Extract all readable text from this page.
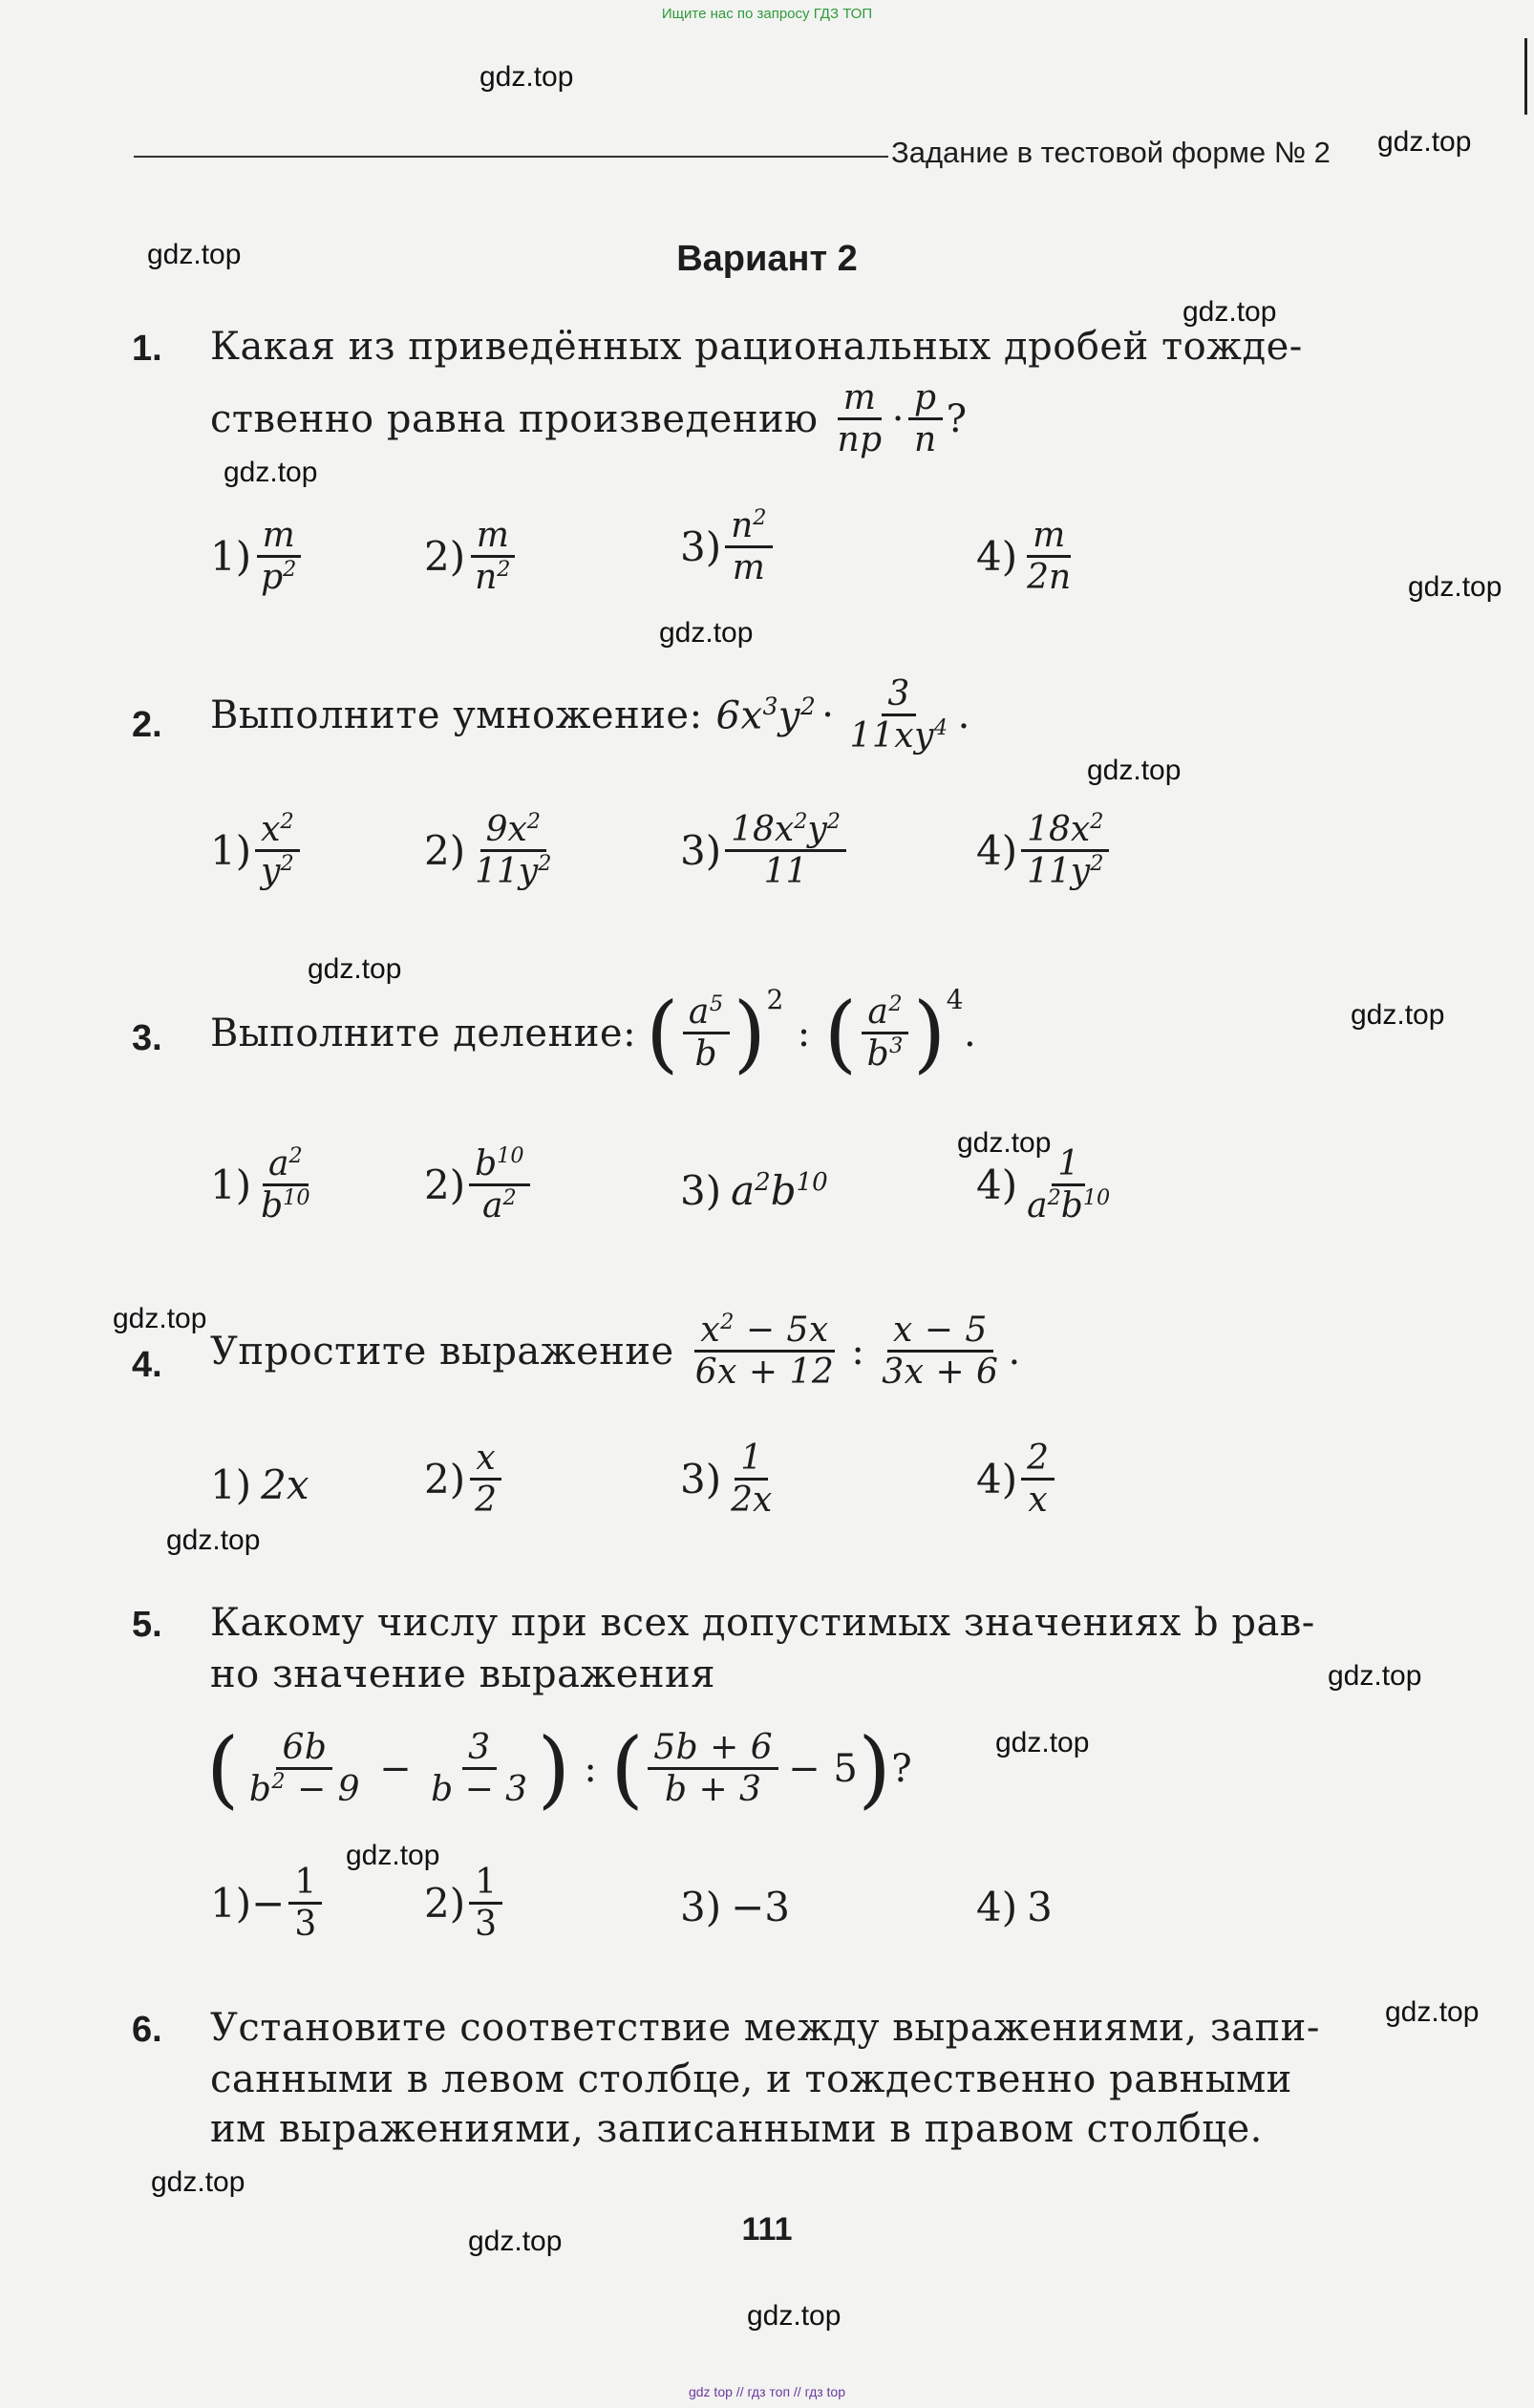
Ищите нас по запросу ГДЗ ТОП
gdz top // гдз топ // гдз top
gdz.top
gdz.top
gdz.top
gdz.top
gdz.top
gdz.top
gdz.top
gdz.top
gdz.top
gdz.top
gdz.top
gdz.top
gdz.top
gdz.top
gdz.top
gdz.top
gdz.top
gdz.top
gdz.top
gdz.top
Задание в тестовой форме № 2
Вариант 2
1. Какая из приведённых рациональных дробей тожде-
ственно равна произведению $\frac{m}{np} \cdot \frac{p}{n}$ ?
$1) \frac{m}{p^2}$	$2) \frac{m}{n^2}$	$3) \frac{n^2}{m}$	$4) \frac{m}{2n}$
2. Выполните умножение: $6x^3y^2 \cdot \frac{3}{11xy^4}$ .
$1) \frac{x^2}{y^2}$	$2) \frac{9x^2}{11y^2}$	$3) \frac{18x^2y^2}{11}$	$4) \frac{18x^2}{11y^2}$
3. Выполните деление: ( $\frac{a^5}{b} )^2$
: ( $\frac{a^2}{b^3} )^4$
.
$1) \frac{a^2}{b^{10}}$	$2) \frac{b^{10}}{a^2}$	3) $a^2b^{10}$	$4) \frac{1}{a^2b^{10}}$
4. Упростите выражение $\frac{x^2 - 5x}{6x + 12}$ : $\frac{x - 5}{3x + 6}$ .
1) 2x	$2) \frac{x}{2}$	$3) \frac{1}{2x}$	$4) \frac{2}{x}$
5. Какому числу при всех допустимых значениях b рав-
но значение выражения
( $\frac{6b}{b^2 - 9} - \frac{3}{b - 3}$ ) : ( $\frac{5b + 6}{b + 3} - 5$ ) ?
$1) - \frac{1}{3}$	$2) \frac{1}{3}$	3) −3	4) 3
6. Установите соответствие между выражениями, запи-
санными в левом столбце, и тождественно равными
им выражениями, записанными в правом столбце.
111
